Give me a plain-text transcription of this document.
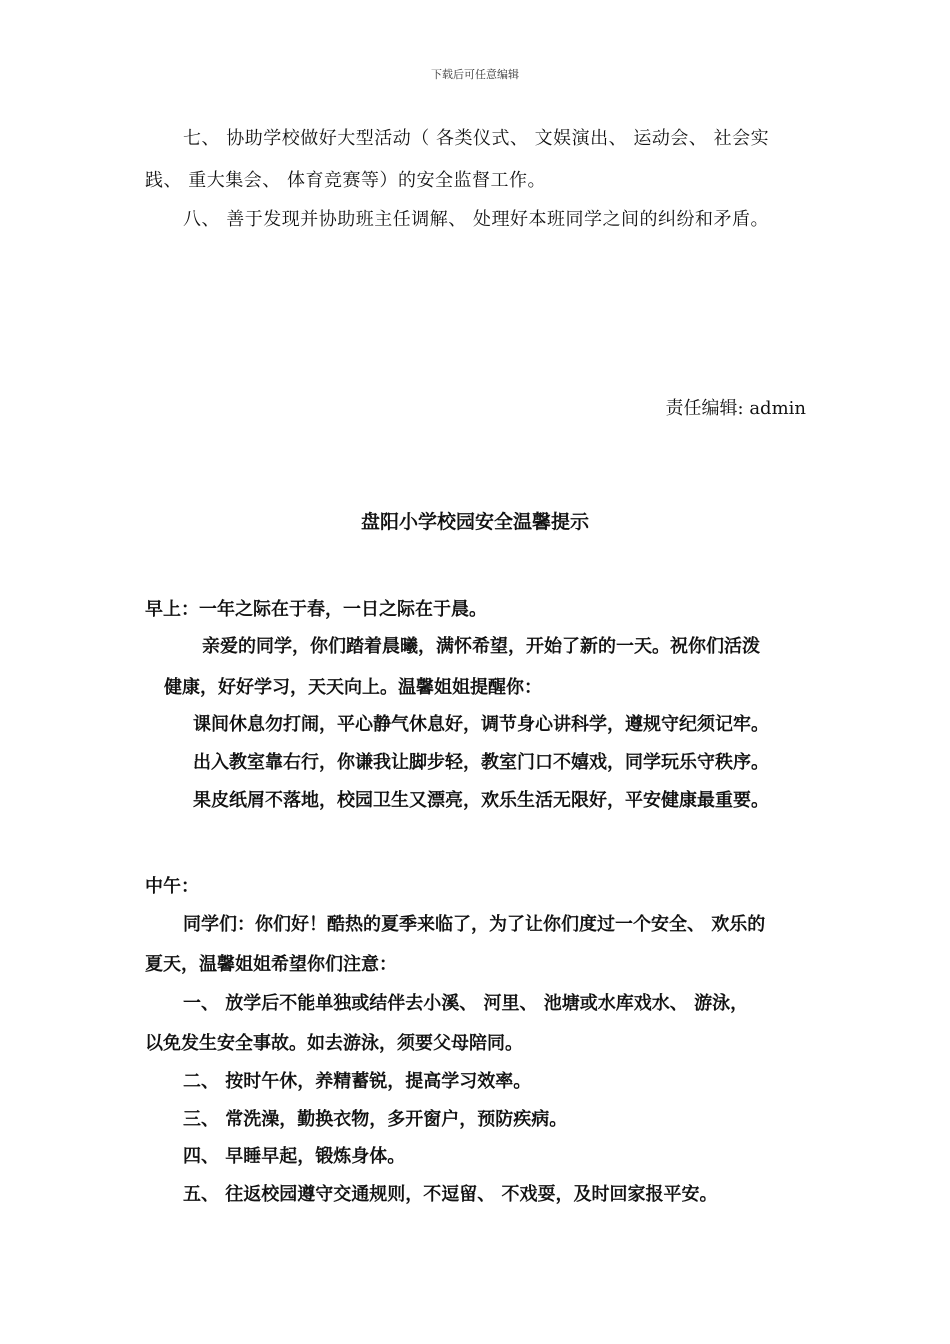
下载后可任意编辑
七、 协助学校做好大型活动（ 各类仪式、 文娱演出、 运动会、 社会实
践、 重大集会、 体育竞赛等）的安全监督工作。
八、 善于发现并协助班主任调解、 处理好本班同学之间的纠纷和矛盾。
责任编辑: admin
盘阳小学校园安全温馨提示
早上：一年之际在于春，一日之际在于晨。
亲爱的同学，你们踏着晨曦，满怀希望，开始了新的一天。祝你们活泼
健康，好好学习，天天向上。温馨姐姐提醒你：
课间休息勿打闹，平心静气休息好，调节身心讲科学，遵规守纪须记牢。
出入教室靠右行，你谦我让脚步轻，教室门口不嬉戏，同学玩乐守秩序。
果皮纸屑不落地，校园卫生又漂亮，欢乐生活无限好，平安健康最重要。
中午：
同学们：你们好！酷热的夏季来临了，为了让你们度过一个安全、 欢乐的
夏天，温馨姐姐希望你们注意：
一、 放学后不能单独或结伴去小溪、 河里、 池塘或水库戏水、 游泳，
以免发生安全事故。如去游泳，须要父母陪同。
二、 按时午休，养精蓄锐，提高学习效率。
三、 常洗澡，勤换衣物，多开窗户，预防疾病。
四、 早睡早起，锻炼身体。
五、 往返校园遵守交通规则，不逗留、 不戏耍，及时回家报平安。
